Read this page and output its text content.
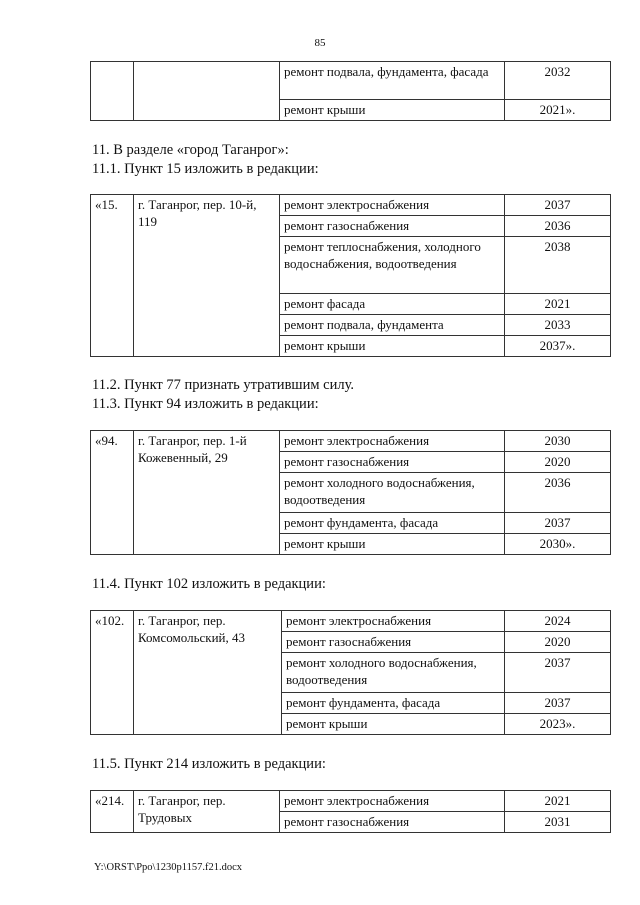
85
		ремонт подвала, фундамента, фасада	2032
		ремонт крыши	2021».
11. В разделе «город Таганрог»:
11.1. Пункт 15 изложить в редакции:
«15.	г. Таганрог, пер. 10-й, 119	ремонт электроснабжения	2037
		ремонт газоснабжения	2036
		ремонт теплоснабжения, холодного водоснабжения, водоотведения	2038
		ремонт фасада	2021
		ремонт подвала, фундамента	2033
		ремонт крыши	2037».
11.2. Пункт 77 признать утратившим силу.
11.3. Пункт 94 изложить в редакции:
«94.	г. Таганрог, пер. 1-й Кожевенный, 29	ремонт электроснабжения	2030
		ремонт газоснабжения	2020
		ремонт холодного водоснабжения, водоотведения	2036
		ремонт фундамента, фасада	2037
		ремонт крыши	2030».
11.4. Пункт 102 изложить в редакции:
«102.	г. Таганрог, пер. Комсомольский, 43	ремонт электроснабжения	2024
		ремонт газоснабжения	2020
		ремонт холодного водоснабжения, водоотведения	2037
		ремонт фундамента, фасада	2037
		ремонт крыши	2023».
11.5. Пункт 214 изложить в редакции:
«214.	г. Таганрог, пер. Трудовых	ремонт электроснабжения	2021
		ремонт газоснабжения	2031
Y:\ORST\Ppo\1230p1157.f21.docx
